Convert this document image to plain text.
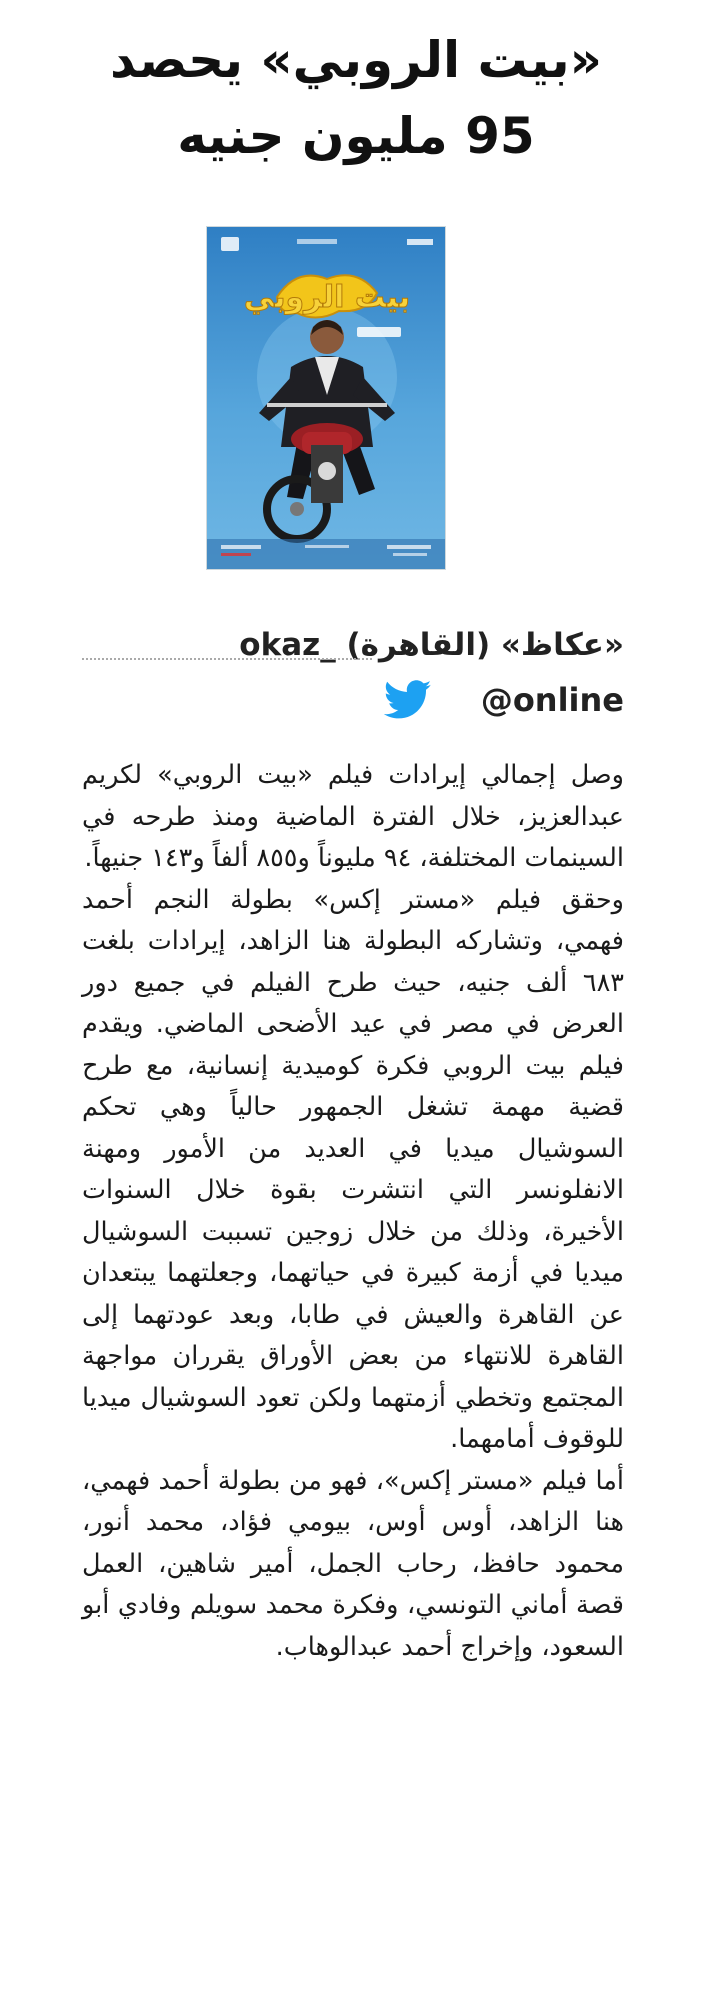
«بيت الروبي» يحصد
95 مليون جنيه
بيت الروبي
«عكاظ» (القاهرة) _okaz
@online

وصل إجمالي إيرادات فيلم «بيت الروبي» لكريم عبدالعزيز، خلال الفترة الماضية ومنذ طرحه في السينمات المختلفة، ٩٤ مليوناً و٨٥٥ ألفاً و١٤٣ جنيهاً.

وحقق فيلم «مستر إكس» بطولة النجم أحمد فهمي، وتشاركه البطولة هنا الزاهد، إيرادات بلغت ٦٨٣ ألف جنيه، حيث طرح الفيلم في جميع دور العرض في مصر في عيد الأضحى الماضي. ويقدم فيلم بيت الروبي فكرة كوميدية إنسانية، مع طرح قضية مهمة تشغل الجمهور حالياً وهي تحكم السوشيال ميديا في العديد من الأمور ومهنة الانفلونسر التي انتشرت بقوة خلال السنوات الأخيرة، وذلك من خلال زوجين تسببت السوشيال ميديا في أزمة كبيرة في حياتهما، وجعلتهما يبتعدان عن القاهرة والعيش في طابا، وبعد عودتهما إلى القاهرة للانتهاء من بعض الأوراق يقرران مواجهة المجتمع وتخطي أزمتهما ولكن تعود السوشيال ميديا للوقوف أمامهما.

أما فيلم «مستر إكس»، فهو من بطولة أحمد فهمي، هنا الزاهد، أوس أوس، بيومي فؤاد، محمد أنور، محمود حافظ، رحاب الجمل، أمير شاهين، العمل قصة أماني التونسي، وفكرة محمد سويلم وفادي أبو السعود، وإخراج أحمد عبدالوهاب.
